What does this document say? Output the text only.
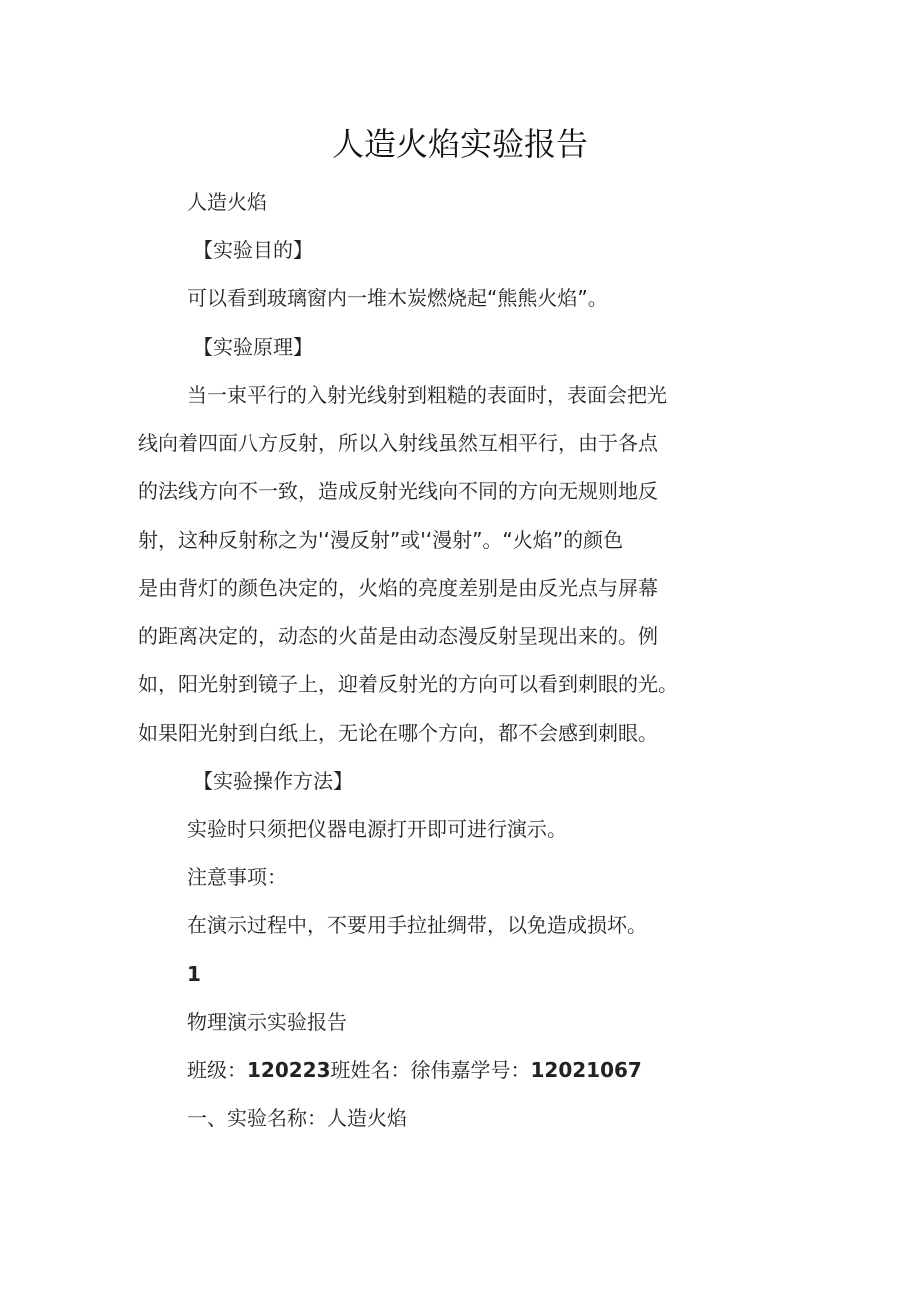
人造火焰实验报告
人造火焰
【实验目的】
可以看到玻璃窗内一堆木炭燃烧起“熊熊火焰”。
【实验原理】
当一束平行的入射光线射到粗糙的表面时，表面会把光
线向着四面八方反射，所以入射线虽然互相平行，由于各点
的法线方向不一致，造成反射光线向不同的方向无规则地反
射，这种反射称之为'‘漫反射”或'‘漫射”。“火焰”的颜色
是由背灯的颜色决定的，火焰的亮度差别是由反光点与屏幕
的距离决定的，动态的火苗是由动态漫反射呈现出来的。例
如，阳光射到镜子上，迎着反射光的方向可以看到刺眼的光。
如果阳光射到白纸上，无论在哪个方向，都不会感到刺眼。
【实验操作方法】
实验时只须把仪器电源打开即可进行演示。
注意事项：
在演示过程中，不要用手拉扯绸带，以免造成损坏。
1
物理演示实验报告
班级：120223班姓名：徐伟嘉学号：12021067
一、实验名称：人造火焰
